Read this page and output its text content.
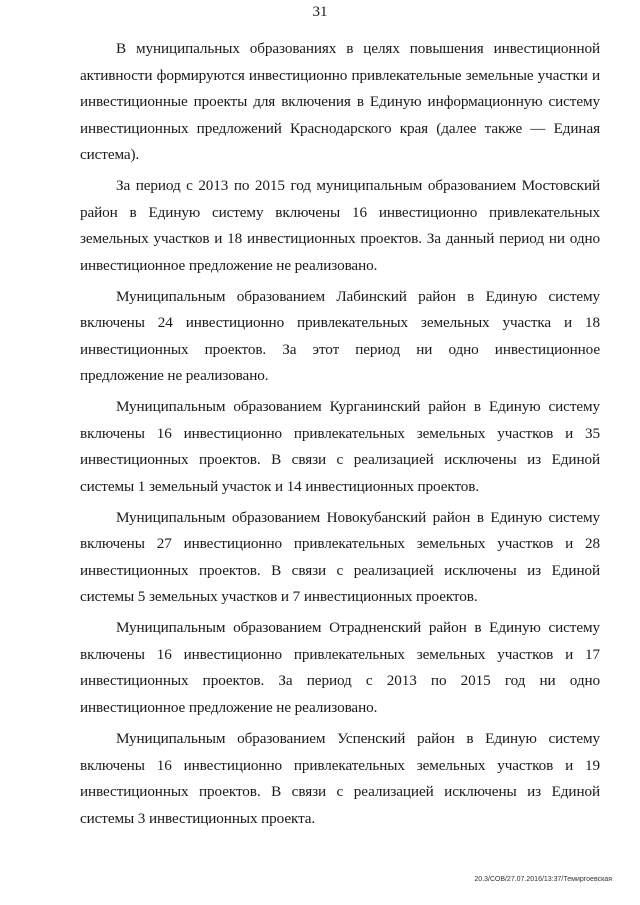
31

В муниципальных образованиях в целях повышения инвестиционной активности формируются инвестиционно привлекательные земельные участки и инвестиционные проекты для включения в Единую информационную систему инвестиционных предложений Краснодарского края (далее также — Единая система).

За период с 2013 по 2015 год муниципальным образованием Мостовский район в Единую систему включены 16 инвестиционно привлекательных земельных участков и 18 инвестиционных проектов. За данный период ни одно инвестиционное предложение не реализовано.

Муниципальным образованием Лабинский район в Единую систему включены 24 инвестиционно привлекательных земельных участка и 18 инвестиционных проектов. За этот период ни одно инвестиционное предложение не реализовано.

Муниципальным образованием Курганинский район в Единую систему включены 16 инвестиционно привлекательных земельных участков и 35 инвестиционных проектов. В связи с реализацией исключены из Единой системы 1 земельный участок и 14 инвестиционных проектов.

Муниципальным образованием Новокубанский район в Единую систему включены 27 инвестиционно привлекательных земельных участков и 28 инвестиционных проектов. В связи с реализацией исключены из Единой системы 5 земельных участков и 7 инвестиционных проектов.

Муниципальным образованием Отрадненский район в Единую систему включены 16 инвестиционно привлекательных земельных участков и 17 инвестиционных проектов. За период с 2013 по 2015 год ни одно инвестиционное предложение не реализовано.

Муниципальным образованием Успенский район в Единую систему включены 16 инвестиционно привлекательных земельных участков и 19 инвестиционных проектов. В связи с реализацией исключены из Единой системы 3 инвестиционных проекта.

20.3/СОВ/27.07.2016/13:37/Темиргоевская
